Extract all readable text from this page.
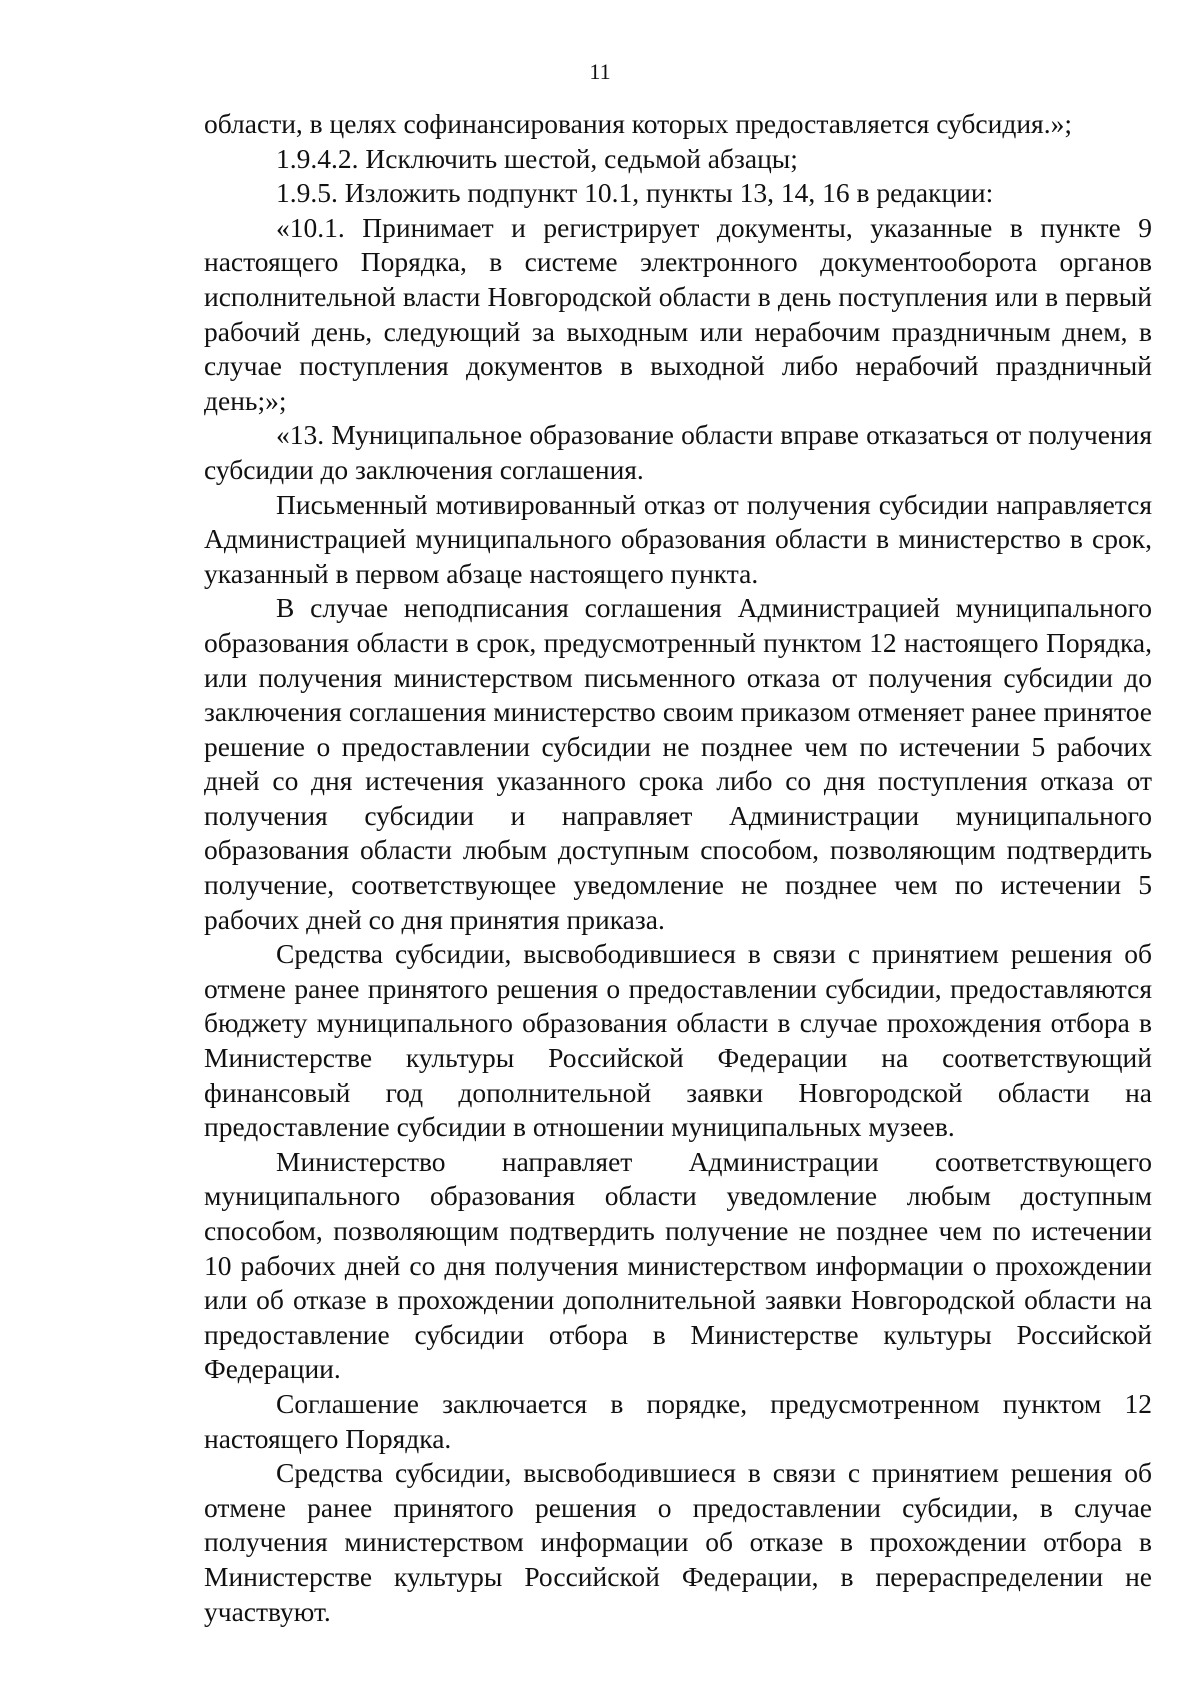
11

области, в целях софинансирования которых предоставляется субсидия.»;

1.9.4.2. Исключить шестой, седьмой абзацы;

1.9.5. Изложить подпункт 10.1, пункты 13, 14, 16 в редакции:

«10.1. Принимает и регистрирует документы, указанные в пункте 9 настоящего Порядка, в системе электронного документооборота органов исполнительной власти Новгородской области в день поступления или в первый рабочий день, следующий за выходным или нерабочим праздничным днем, в случае поступления документов в выходной либо нерабочий праздничный день;»;

«13. Муниципальное образование области вправе отказаться от получения субсидии до заключения соглашения.

Письменный мотивированный отказ от получения субсидии направляется Администрацией муниципального образования области в министерство в срок, указанный в первом абзаце настоящего пункта.

В случае неподписания соглашения Администрацией муниципального образования области в срок, предусмотренный пунктом 12 настоящего Порядка, или получения министерством письменного отказа от получения субсидии до заключения соглашения министерство своим приказом отменяет ранее принятое решение о предоставлении субсидии не позднее чем по истечении 5 рабочих дней со дня истечения указанного срока либо со дня поступления отказа от получения субсидии и направляет Администрации муниципального образования области любым доступным способом, позволяющим подтвердить получение, соответствующее уведомление не позднее чем по истечении 5 рабочих дней со дня принятия приказа.

Средства субсидии, высвободившиеся в связи с принятием решения об отмене ранее принятого решения о предоставлении субсидии, предоставляются бюджету муниципального образования области в случае прохождения отбора в Министерстве культуры Российской Федерации на соответствующий финансовый год дополнительной заявки Новгородской области на предоставление субсидии в отношении муниципальных музеев.

Министерство направляет Администрации соответствующего муниципального образования области уведомление любым доступным способом, позволяющим подтвердить получение не позднее чем по истечении 10 рабочих дней со дня получения министерством информации о прохождении или об отказе в прохождении дополнительной заявки Новгородской области на предоставление субсидии отбора в Министерстве культуры Российской Федерации.

Соглашение заключается в порядке, предусмотренном пунктом 12 настоящего Порядка.

Средства субсидии, высвободившиеся в связи с принятием решения об отмене ранее принятого решения о предоставлении субсидии, в случае получения министерством информации об отказе в прохождении отбора в Министерстве культуры Российской Федерации, в перераспределении не участвуют.
